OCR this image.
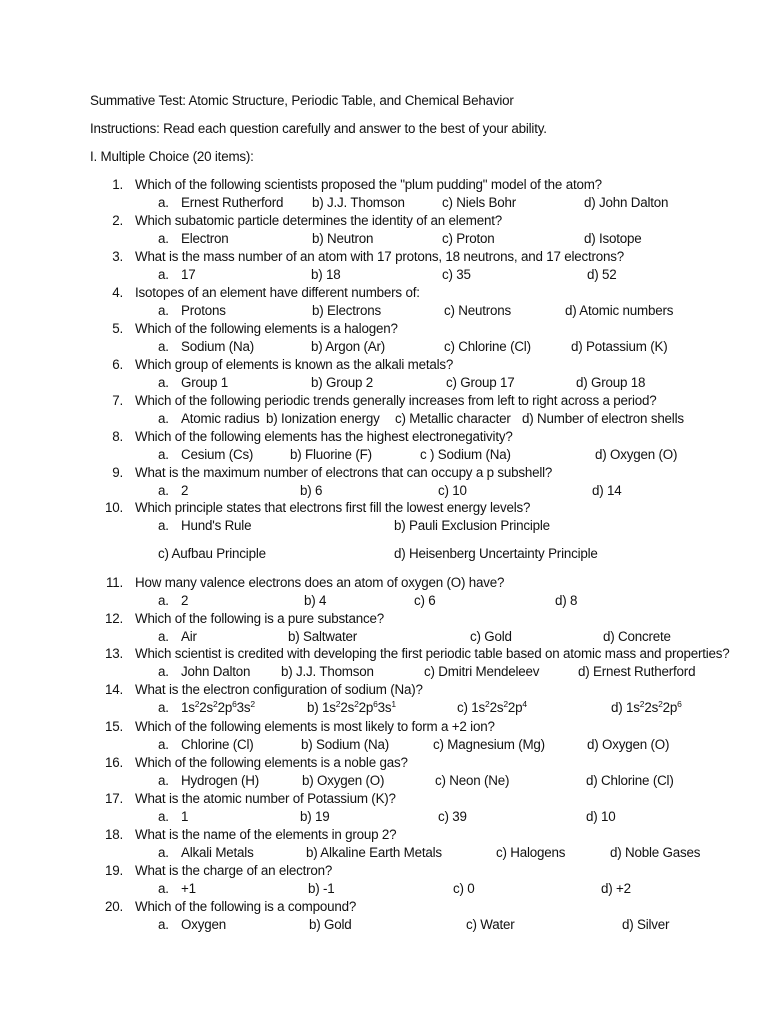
Summative Test: Atomic Structure, Periodic Table, and Chemical Behavior
Instructions: Read each question carefully and answer to the best of your ability.
I. Multiple Choice (20 items):
1. Which of the following scientists proposed the "plum pudding" model of the atom?
a. Ernest Rutherford b) J.J. Thomson	c) Niels Bohr	d) John Dalton
2. Which subatomic particle determines the identity of an element?
a. Electron	b) Neutron	c) Proton	d) Isotope
3. What is the mass number of an atom with 17 protons, 18 neutrons, and 17 electrons?
a. 17	b) 18	c) 35	d) 52
4. Isotopes of an element have different numbers of:
a. Protons	b) Electrons	c) Neutrons	d) Atomic numbers
5. Which of the following elements is a halogen?
a. Sodium (Na)	b) Argon (Ar)	c) Chlorine (Cl)	d) Potassium (K)
6. Which group of elements is known as the alkali metals?
a. Group 1	b) Group 2	c) Group 17	d) Group 18
7. Which of the following periodic trends generally increases from left to right across a period?
a. Atomic radius b) Ionization energy c) Metallic character d) Number of electron shells
8. Which of the following elements has the highest electronegativity?
a. Cesium (Cs)	b) Fluorine (F)	c ) Sodium (Na)	d) Oxygen (O)
9. What is the maximum number of electrons that can occupy a p subshell?
a. 2	b) 6	c) 10	d) 14
10. Which principle states that electrons first fill the lowest energy levels?
a. Hund's Rule	b) Pauli Exclusion Principle
c) Aufbau Principle	d) Heisenberg Uncertainty Principle
11. How many valence electrons does an atom of oxygen (O) have?
a. 2	b) 4	c) 6	d) 8
12. Which of the following is a pure substance?
a. Air	b) Saltwater	c) Gold	d) Concrete
13. Which scientist is credited with developing the first periodic table based on atomic mass and properties?
a. John Dalton b) J.J. Thomson	c) Dmitri Mendeleev	d) Ernest Rutherford
14. What is the electron configuration of sodium (Na)?
a. $1s^22s^22p^63s^2$	b) $1s^22s^22p^63s^1$	c) $1s^22s^22p^4$	d) $1s^22s^22p^6$
15. Which of the following elements is most likely to form a +2 ion?
a. Chlorine (Cl)	b) Sodium (Na)	c) Magnesium (Mg)	d) Oxygen (O)
16. Which of the following elements is a noble gas?
a. Hydrogen (H)	b) Oxygen (O)	c) Neon (Ne)	d) Chlorine (Cl)
17. What is the atomic number of Potassium (K)?
a. 1	b) 19	c) 39	d) 10
18. What is the name of the elements in group 2?
a. Alkali Metals	b) Alkaline Earth Metals	c) Halogens	d) Noble Gases
19. What is the charge of an electron?
a. +1	b) -1	c) 0	d) +2
20. Which of the following is a compound?
a. Oxygen	b) Gold	c) Water	d) Silver
